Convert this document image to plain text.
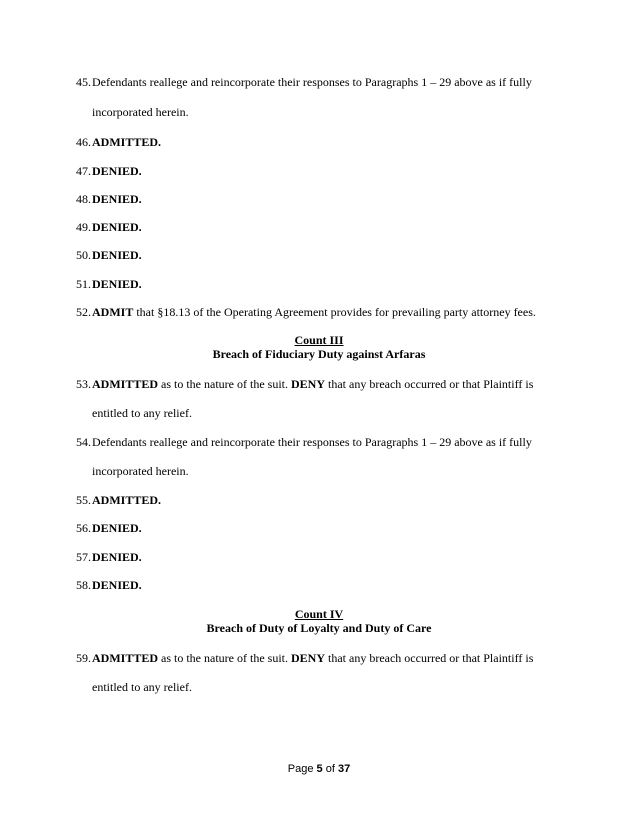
45. Defendants reallege and reincorporate their responses to Paragraphs 1 – 29 above as if fully
incorporated herein.
46. ADMITTED.
47. DENIED.
48. DENIED.
49. DENIED.
50. DENIED.
51. DENIED.
52. ADMIT that §18.13 of the Operating Agreement provides for prevailing party attorney fees.
Count III
Breach of Fiduciary Duty against Arfaras
53. ADMITTED as to the nature of the suit. DENY that any breach occurred or that Plaintiff is
entitled to any relief.
54. Defendants reallege and reincorporate their responses to Paragraphs 1 – 29 above as if fully
incorporated herein.
55. ADMITTED.
56. DENIED.
57. DENIED.
58. DENIED.
Count IV
Breach of Duty of Loyalty and Duty of Care
59. ADMITTED as to the nature of the suit. DENY that any breach occurred or that Plaintiff is
entitled to any relief.
Page 5 of 37
